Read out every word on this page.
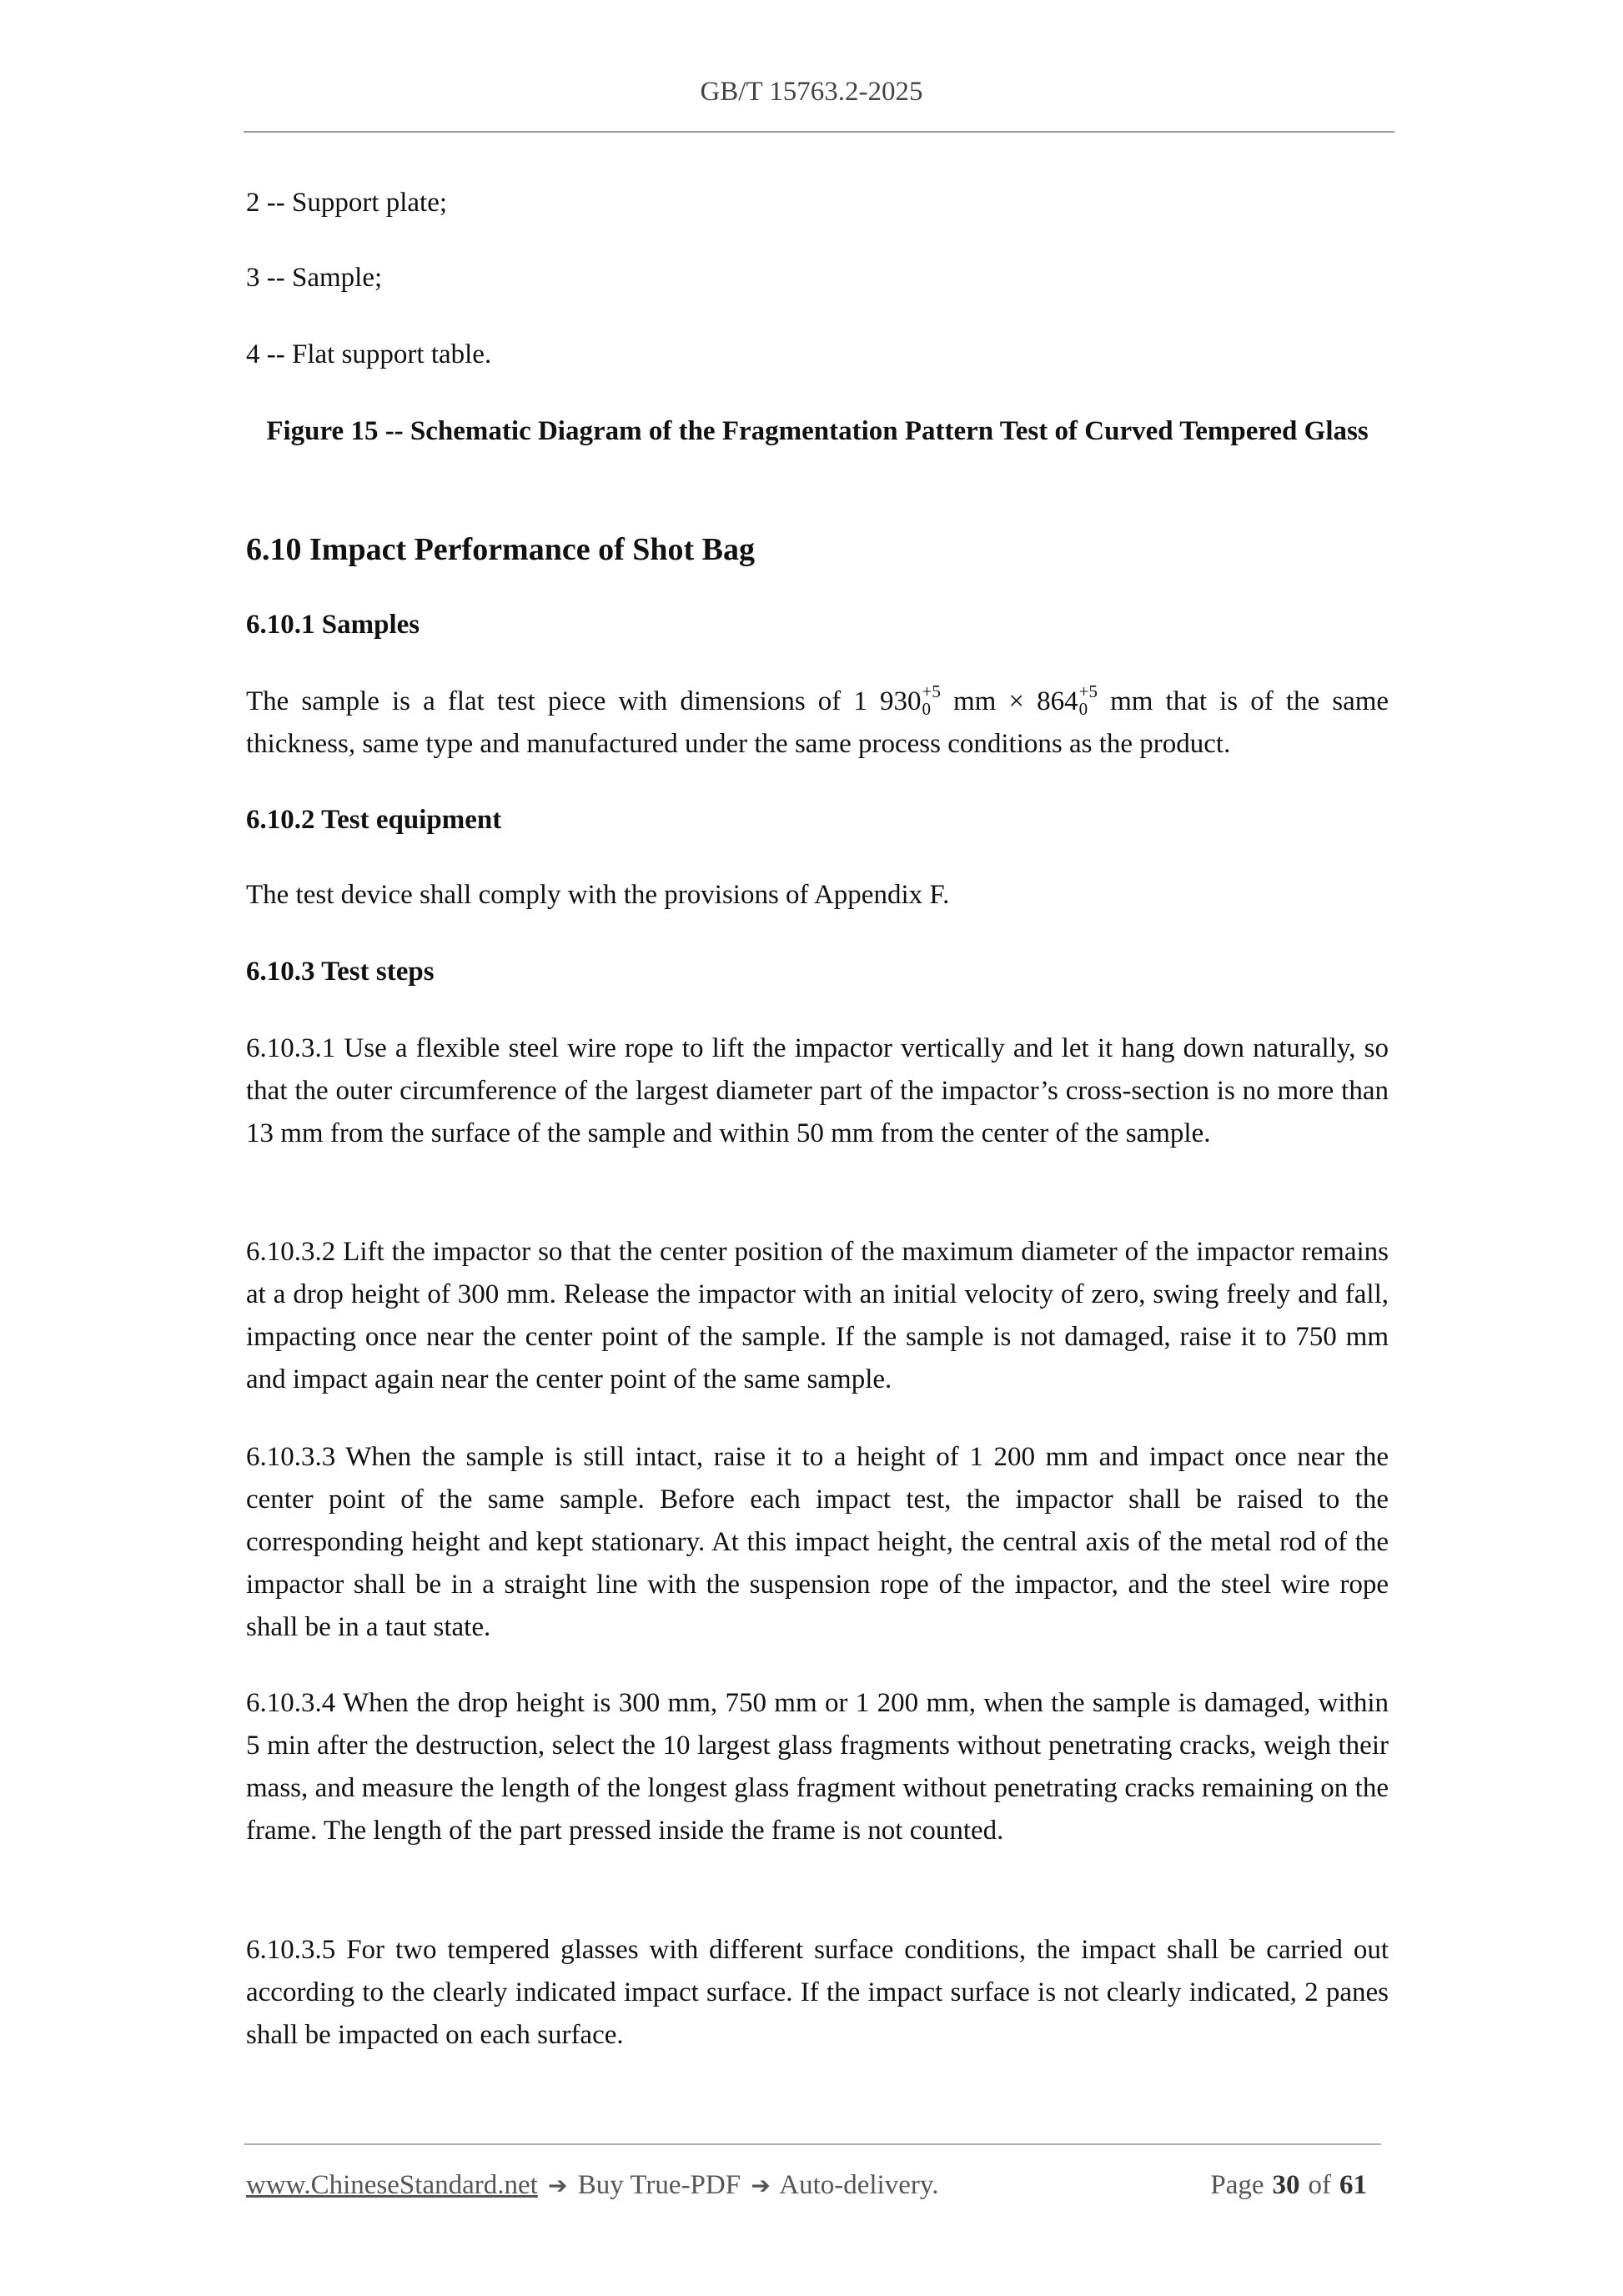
GB/T 15763.2-2025

2 -- Support plate;

3 -- Sample;

4 -- Flat support table.

Figure 15 -- Schematic Diagram of the Fragmentation Pattern Test of Curved Tempered Glass

6.10 Impact Performance of Shot Bag
6.10.1 Samples

The sample is a flat test piece with dimensions of 1 930 +5
0 mm × 864 +5
0 mm that is of the same thickness, same type and manufactured under the same process conditions as the product.

6.10.2 Test equipment

The test device shall comply with the provisions of Appendix F.

6.10.3 Test steps

6.10.3.1 Use a flexible steel wire rope to lift the impactor vertically and let it hang down naturally, so that the outer circumference of the largest diameter part of the impactor’s cross-section is no more than 13 mm from the surface of the sample and within 50 mm from the center of the sample.

6.10.3.2 Lift the impactor so that the center position of the maximum diameter of the impactor remains at a drop height of 300 mm. Release the impactor with an initial velocity of zero, swing freely and fall, impacting once near the center point of the sample. If the sample is not damaged, raise it to 750 mm and impact again near the center point of the same sample.

6.10.3.3 When the sample is still intact, raise it to a height of 1 200 mm and impact once near the center point of the same sample. Before each impact test, the impactor shall be raised to the corresponding height and kept stationary. At this impact height, the central axis of the metal rod of the impactor shall be in a straight line with the suspension rope of the impactor, and the steel wire rope shall be in a taut state.

6.10.3.4 When the drop height is 300 mm, 750 mm or 1 200 mm, when the sample is damaged, within 5 min after the destruction, select the 10 largest glass fragments without penetrating cracks, weigh their mass, and measure the length of the longest glass fragment without penetrating cracks remaining on the frame. The length of the part pressed inside the frame is not counted.

6.10.3.5 For two tempered glasses with different surface conditions, the impact shall be carried out according to the clearly indicated impact surface. If the impact surface is not clearly indicated, 2 panes shall be impacted on each surface.

www.ChineseStandard.net ➔ Buy True-PDF ➔ Auto-delivery.	Page 30 of 61
